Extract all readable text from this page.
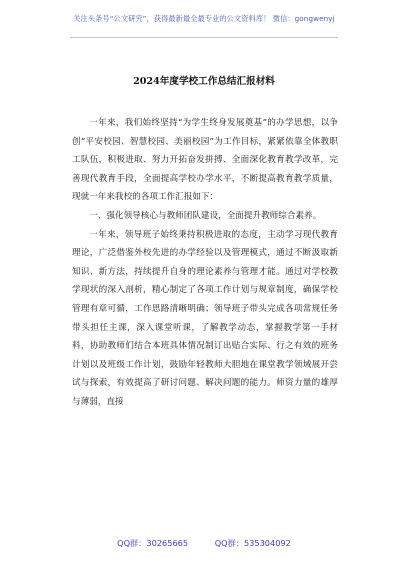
关注头条号“公文研究”，获得最新最全最专业的公文资料库！ 微信：gongwenyj
2024年度学校工作总结汇报材料

一年来，我们始终坚持“为学生终身发展奠基”的办学思想，以争创“平安校园、智慧校园、美丽校园”为工作目标，紧紧依靠全体教职工队伍，积极进取、努力开拓奋发拼搏、全面深化教育教学改革，完善现代教育手段，全面提高学校办学水平，不断提高教育教学质量，现就一年来我校的各项工作汇报如下：

一、强化领导核心与教师团队建设，全面提升教师综合素养。

一年来，领导班子始终秉持积极进取的态度，主动学习现代教育理论，广泛借鉴外校先进的办学经验以及管理模式，通过不断汲取新知识、新方法，持续提升自身的理论素养与管理才能。通过对学校教学现状的深入剖析，精心制定了各项工作计划与规章制度，确保学校管理有章可循，工作思路清晰明确；领导班子带头完成各项常规任务带头担任主课，深入课堂听课，了解教学动态，掌握教学第一手材料，协助教师们结合本班具体情况制订出贴合实际、行之有效的班务计划以及班级工作计划，鼓励年轻教师大胆地在课堂教学领域展开尝试与探索，有效提高了研讨问题、解决问题的能力。师资力量的雄厚与薄弱，直接

QQ群：30265665	QQ群：535304092
